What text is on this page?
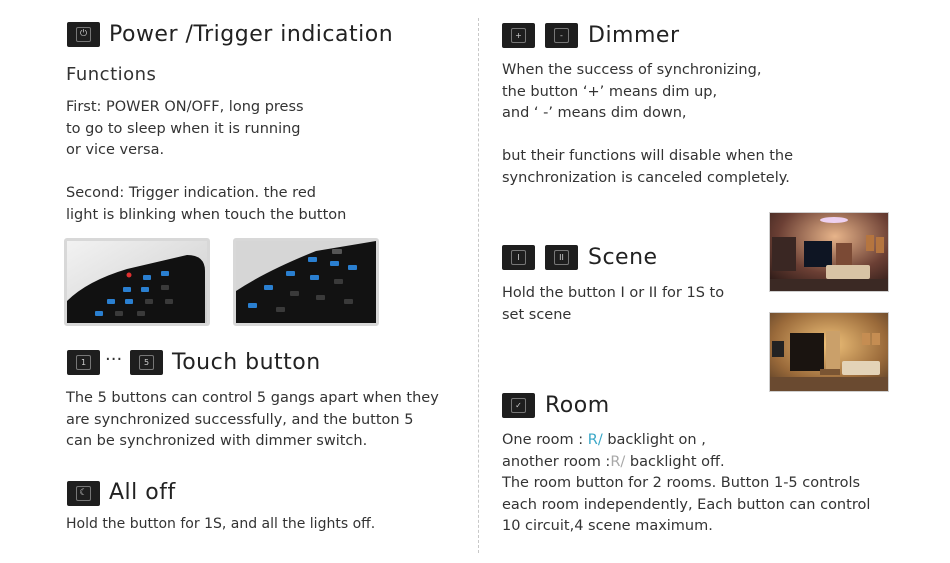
⏻ Power /Trigger indication
Functions
First: POWER ON/OFF, long press
to go to sleep when it is running
or vice versa.
Second: Trigger indication. the red
light is blinking when touch the button
1 ···	5 Touch button
The 5 buttons can control 5 gangs apart when they
are synchronized successfully, and the button 5
can be synchronized with dimmer switch.
☾ All off
Hold the button for 1S, and all the lights off.
+	- Dimmer
When the success of synchronizing,
the button ‘+’ means dim up,
and ‘ -’ means dim down,
but their functions will disable when the
synchronization is canceled completely.
I	II Scene
Hold the button I or II for 1S to
set scene
✓ Room
One room : R/ backlight on ,
another room :R/ backlight off.
The room button for 2 rooms. Button 1-5 controls
each room independently, Each button can control
10 circuit,4 scene maximum.
